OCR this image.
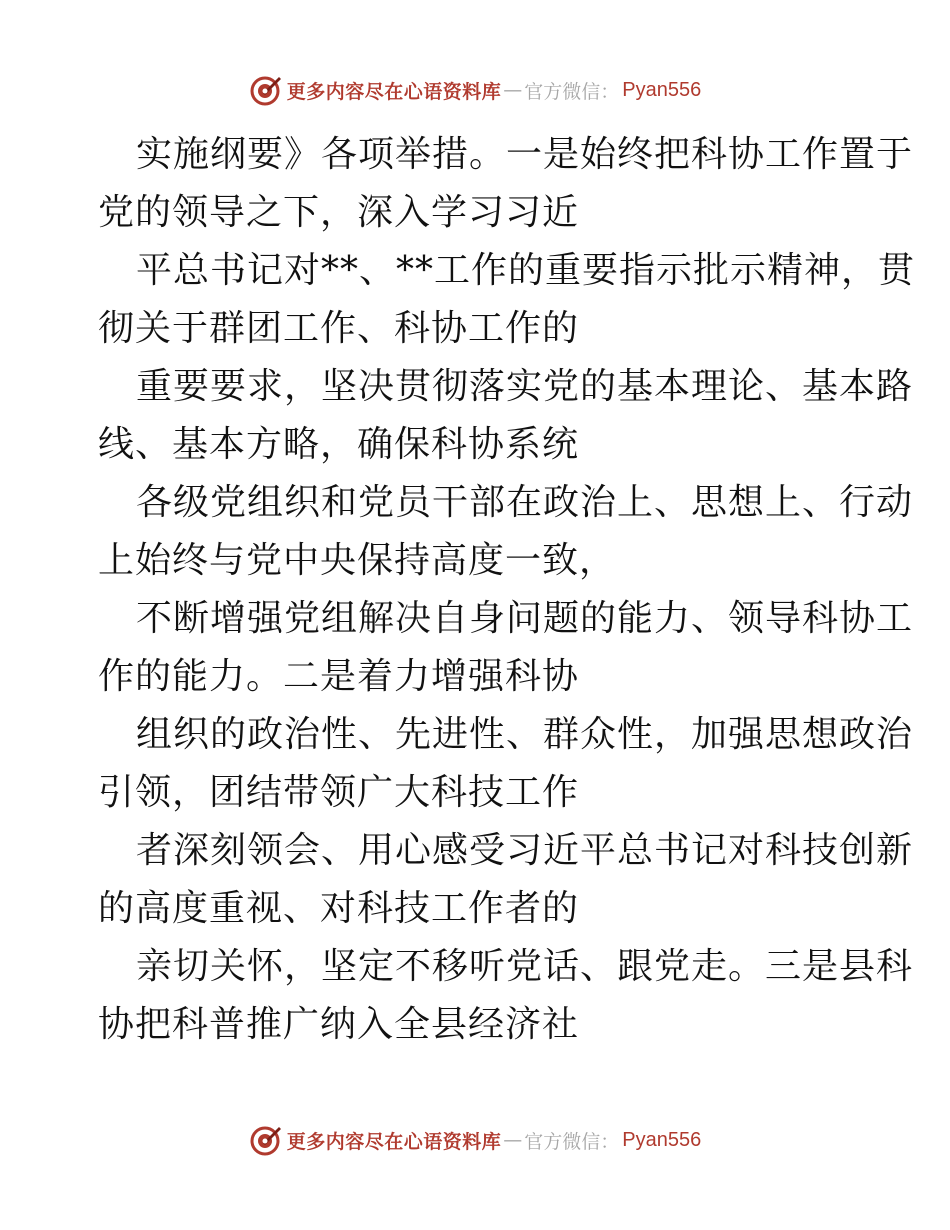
更多内容尽在心语资料库 — 官方微信： Pyan556
实施纲要》各项举措。一是始终把科协工作置于
党的领导之下，深入学习习近
平总书记对**、**工作的重要指示批示精神，贯
彻关于群团工作、科协工作的
重要要求，坚决贯彻落实党的基本理论、基本路
线、基本方略，确保科协系统
各级党组织和党员干部在政治上、思想上、行动
上始终与党中央保持高度一致，
不断增强党组解决自身问题的能力、领导科协工
作的能力。二是着力增强科协
组织的政治性、先进性、群众性，加强思想政治
引领，团结带领广大科技工作
者深刻领会、用心感受习近平总书记对科技创新
的高度重视、对科技工作者的
亲切关怀，坚定不移听党话、跟党走。三是县科
协把科普推广纳入全县经济社
更多内容尽在心语资料库 — 官方微信： Pyan556
